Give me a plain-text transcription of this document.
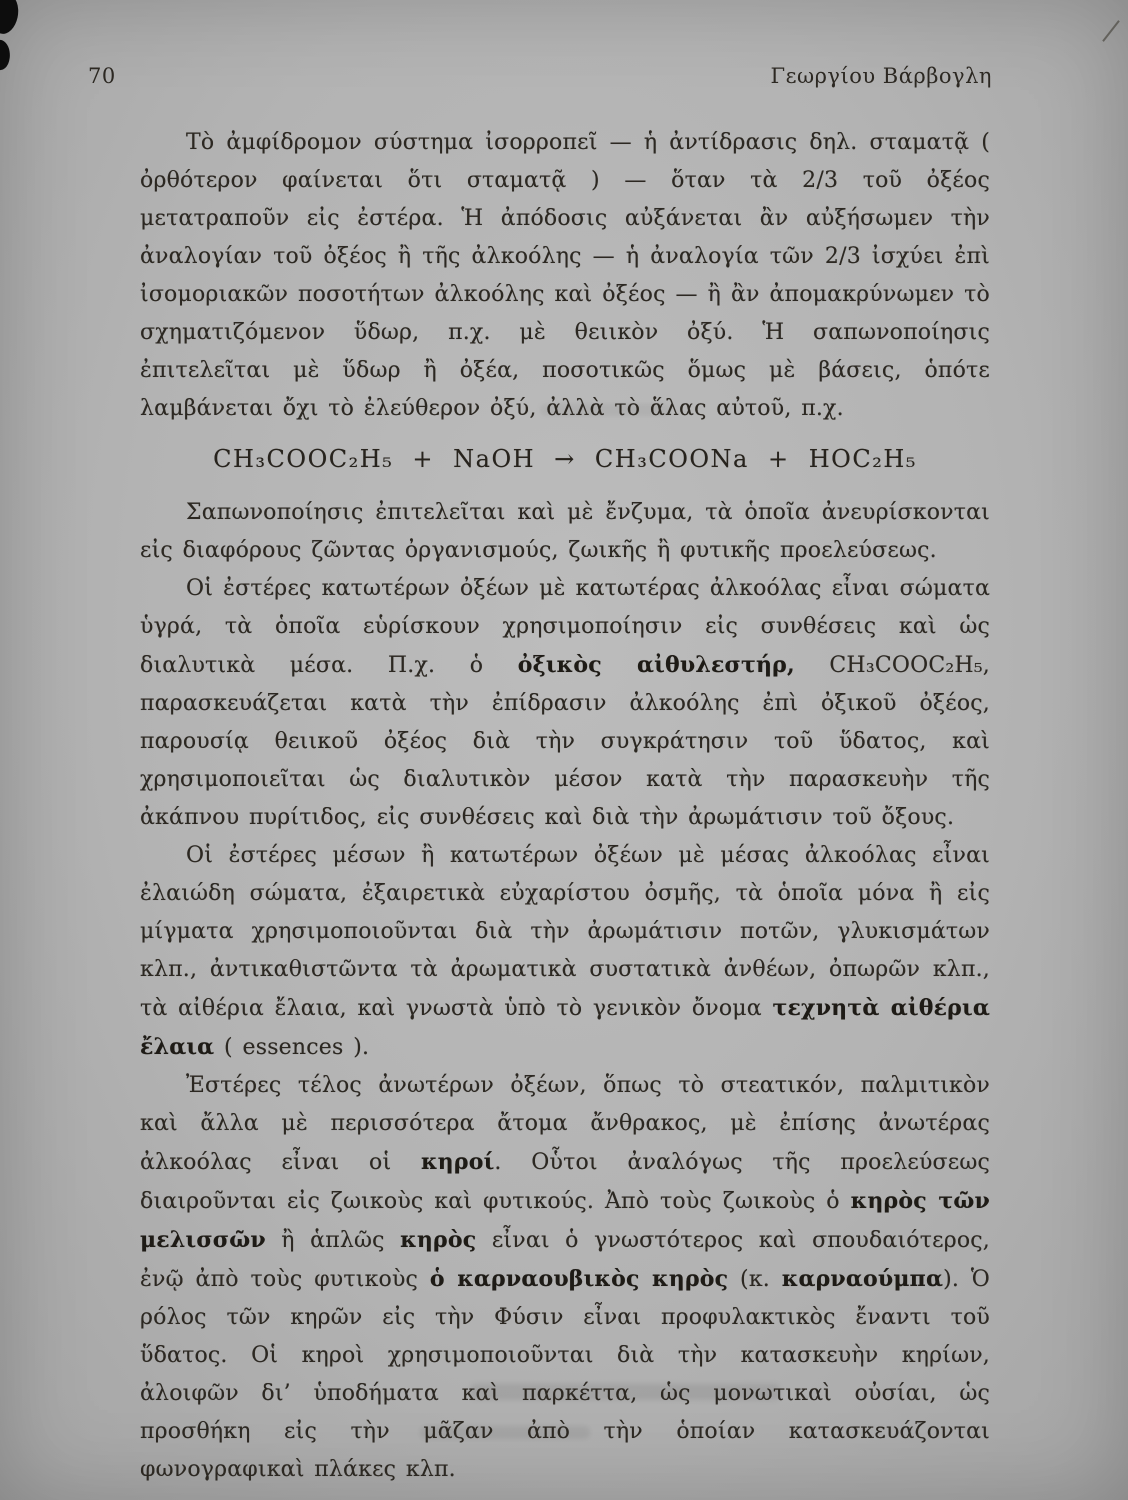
70	Γεωργίου Βάρβογλη

Τὸ ἀμφίδρομον σύστημα ἰσορροπεῖ — ἡ ἀντίδρασις δηλ. σταματᾷ ( ὀρθότερον φαίνεται ὅτι σταματᾷ ) — ὅταν τὰ 2/3 τοῦ ὀξέος μετατραποῦν εἰς ἐστέρα. Ἡ ἀπόδοσις αὐξάνεται ἂν αὐξήσωμεν τὴν ἀναλογίαν τοῦ ὀξέος ἢ τῆς ἀλκοόλης — ἡ ἀναλογία τῶν 2/3 ἰσχύει ἐπὶ ἰσομοριακῶν ποσοτήτων ἀλκοόλης καὶ ὀξέος — ἢ ἂν ἀπομακρύνωμεν τὸ σχηματιζόμενον ὕδωρ, π.χ. μὲ θειικὸν ὀξύ. Ἡ σαπωνοποίησις ἐπιτελεῖται μὲ ὕδωρ ἢ ὀξέα, ποσοτικῶς ὅμως μὲ βάσεις, ὁπότε λαμβάνεται ὄχι τὸ ἐλεύθερον ὀξύ, ἀλλὰ τὸ ἅλας αὐτοῦ, π.χ.

CH₃COOC₂H₅ + NaOH → CH₃COONa + HOC₂H₅

Σαπωνοποίησις ἐπιτελεῖται καὶ μὲ ἔνζυμα, τὰ ὁποῖα ἀνευρίσκονται εἰς διαφόρους ζῶντας ὀργανισμούς, ζωικῆς ἢ φυτικῆς προελεύσεως.

Οἱ ἐστέρες κατωτέρων ὀξέων μὲ κατωτέρας ἀλκοόλας εἶναι σώματα ὑγρά, τὰ ὁποῖα εὑρίσκουν χρησιμοποίησιν εἰς συνθέσεις καὶ ὡς διαλυτικὰ μέσα. Π.χ. ὁ ὀξικὸς αἰθυλεστήρ, CH₃COOC₂H₅, παρασκευάζεται κατὰ τὴν ἐπίδρασιν ἀλκοόλης ἐπὶ ὀξικοῦ ὀξέος, παρουσίᾳ θειικοῦ ὀξέος διὰ τὴν συγκράτησιν τοῦ ὕδατος, καὶ χρησιμοποιεῖται ὡς διαλυτικὸν μέσον κατὰ τὴν παρασκευὴν τῆς ἀκάπνου πυρίτιδος, εἰς συνθέσεις καὶ διὰ τὴν ἀρωμάτισιν τοῦ ὄξους.

Οἱ ἐστέρες μέσων ἢ κατωτέρων ὀξέων μὲ μέσας ἀλκοόλας εἶναι ἐλαιώδη σώματα, ἐξαιρετικὰ εὐχαρίστου ὀσμῆς, τὰ ὁποῖα μόνα ἢ εἰς μίγματα χρησιμοποιοῦνται διὰ τὴν ἀρωμάτισιν ποτῶν, γλυκισμάτων κλπ., ἀντικαθιστῶντα τὰ ἀρωματικὰ συστατικὰ ἀνθέων, ὀπωρῶν κλπ., τὰ αἰθέρια ἔλαια, καὶ γνωστὰ ὑπὸ τὸ γενικὸν ὄνομα τεχνητὰ αἰθέρια ἔλαια ( essences ).

Ἐστέρες τέλος ἀνωτέρων ὀξέων, ὅπως τὸ στεατικόν, παλμιτικὸν καὶ ἄλλα μὲ περισσότερα ἄτομα ἄνθρακος, μὲ ἐπίσης ἀνωτέρας ἀλκοόλας εἶναι οἱ κηροί. Οὗτοι ἀναλόγως τῆς προελεύσεως διαιροῦνται εἰς ζωικοὺς καὶ φυτικούς. Ἀπὸ τοὺς ζωικοὺς ὁ κηρὸς τῶν μελισσῶν ἢ ἁπλῶς κηρὸς εἶναι ὁ γνωστότερος καὶ σπουδαιότερος, ἐνῷ ἀπὸ τοὺς φυτικοὺς ὁ καρναουβικὸς κηρὸς (κ. καρναούμπα). Ὁ ρόλος τῶν κηρῶν εἰς τὴν Φύσιν εἶναι προφυλακτικὸς ἔναντι τοῦ ὕδατος. Οἱ κηροὶ χρησιμοποιοῦνται διὰ τὴν κατασκευὴν κηρίων, ἀλοιφῶν δι’ ὑποδήματα καὶ παρκέττα, ὡς μονωτικαὶ οὐσίαι, ὡς προσθήκη εἰς τὴν μᾶζαν ἀπὸ τὴν ὁποίαν κατασκευάζονται φωνογραφικαὶ πλάκες κλπ.
